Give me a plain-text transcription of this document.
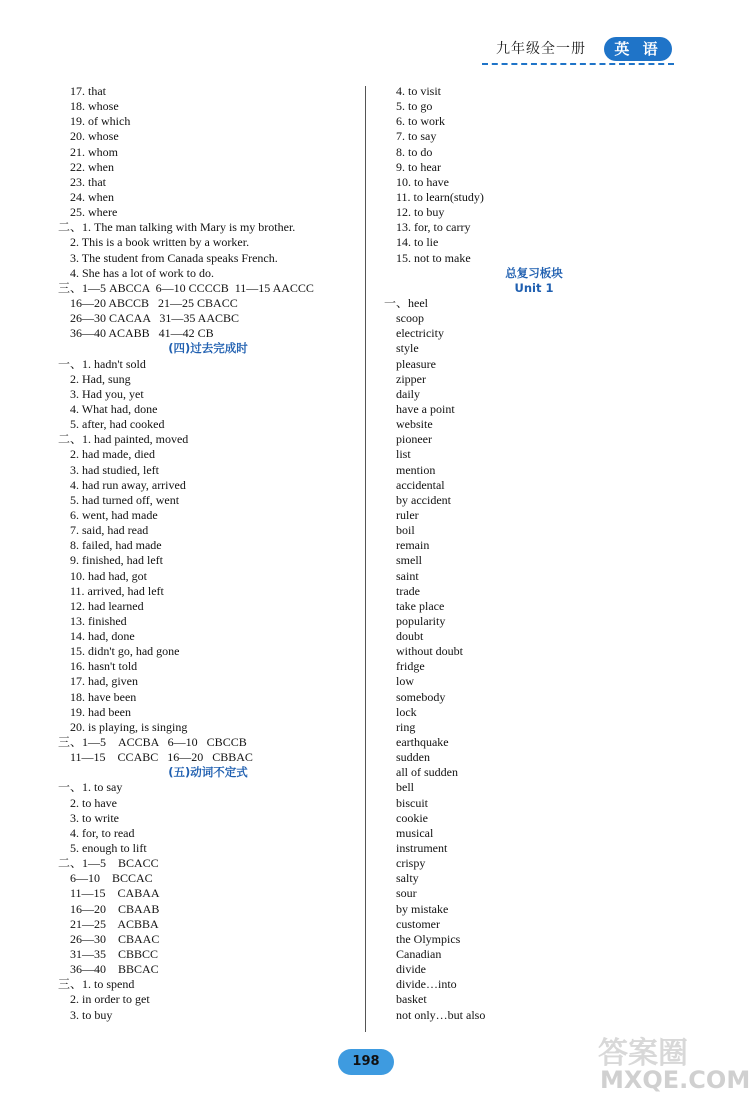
九年级全一册	英 语
17. that
18. whose
19. of which
20. whose
21. whom
22. when
23. that
24. when
25. where
二、1. The man talking with Mary is my brother.
2. This is a book written by a worker.
3. The student from Canada speaks French.
4. She has a lot of work to do.
三、1—5 ABCCA  6—10 CCCCB  11—15 AACCC
16—20 ABCCB   21—25 CBACC
26—30 CACAA   31—35 AACBC
36—40 ACABB   41—42 CB
(四)过去完成时
一、1. hadn't sold
2. Had, sung
3. Had you, yet
4. What had, done
5. after, had cooked
二、1. had painted, moved
2. had made, died
3. had studied, left
4. had run away, arrived
5. had turned off, went
6. went, had made
7. said, had read
8. failed, had made
9. finished, had left
10. had had, got
11. arrived, had left
12. had learned
13. finished
14. had, done
15. didn't go, had gone
16. hasn't told
17. had, given
18. have been
19. had been
20. is playing, is singing
三、1—5    ACCBA   6—10   CBCCB
11—15    CCABC   16—20   CBBAC
(五)动词不定式
一、1. to say
2. to have
3. to write
4. for, to read
5. enough to lift
二、1—5    BCACC
6—10    BCCAC
11—15    CABAA
16—20    CBAAB
21—25    ACBBA
26—30    CBAAC
31—35    CBBCC
36—40    BBCAC
三、1. to spend
2. in order to get
3. to buy
4. to visit
5. to go
6. to work
7. to say
8. to do
9. to hear
10. to have
11. to learn(study)
12. to buy
13. for, to carry
14. to lie
15. not to make
总复习板块
Unit 1
一、heel
scoop
electricity
style
pleasure
zipper
daily
have a point
website
pioneer
list
mention
accidental
by accident
ruler
boil
remain
smell
saint
trade
take place
popularity
doubt
without doubt
fridge
low
somebody
lock
ring
earthquake
sudden
all of sudden
bell
biscuit
cookie
musical
instrument
crispy
salty
sour
by mistake
customer
the Olympics
Canadian
divide
divide…into
basket
not only…but also
198	答案圈
MXQE.COM
